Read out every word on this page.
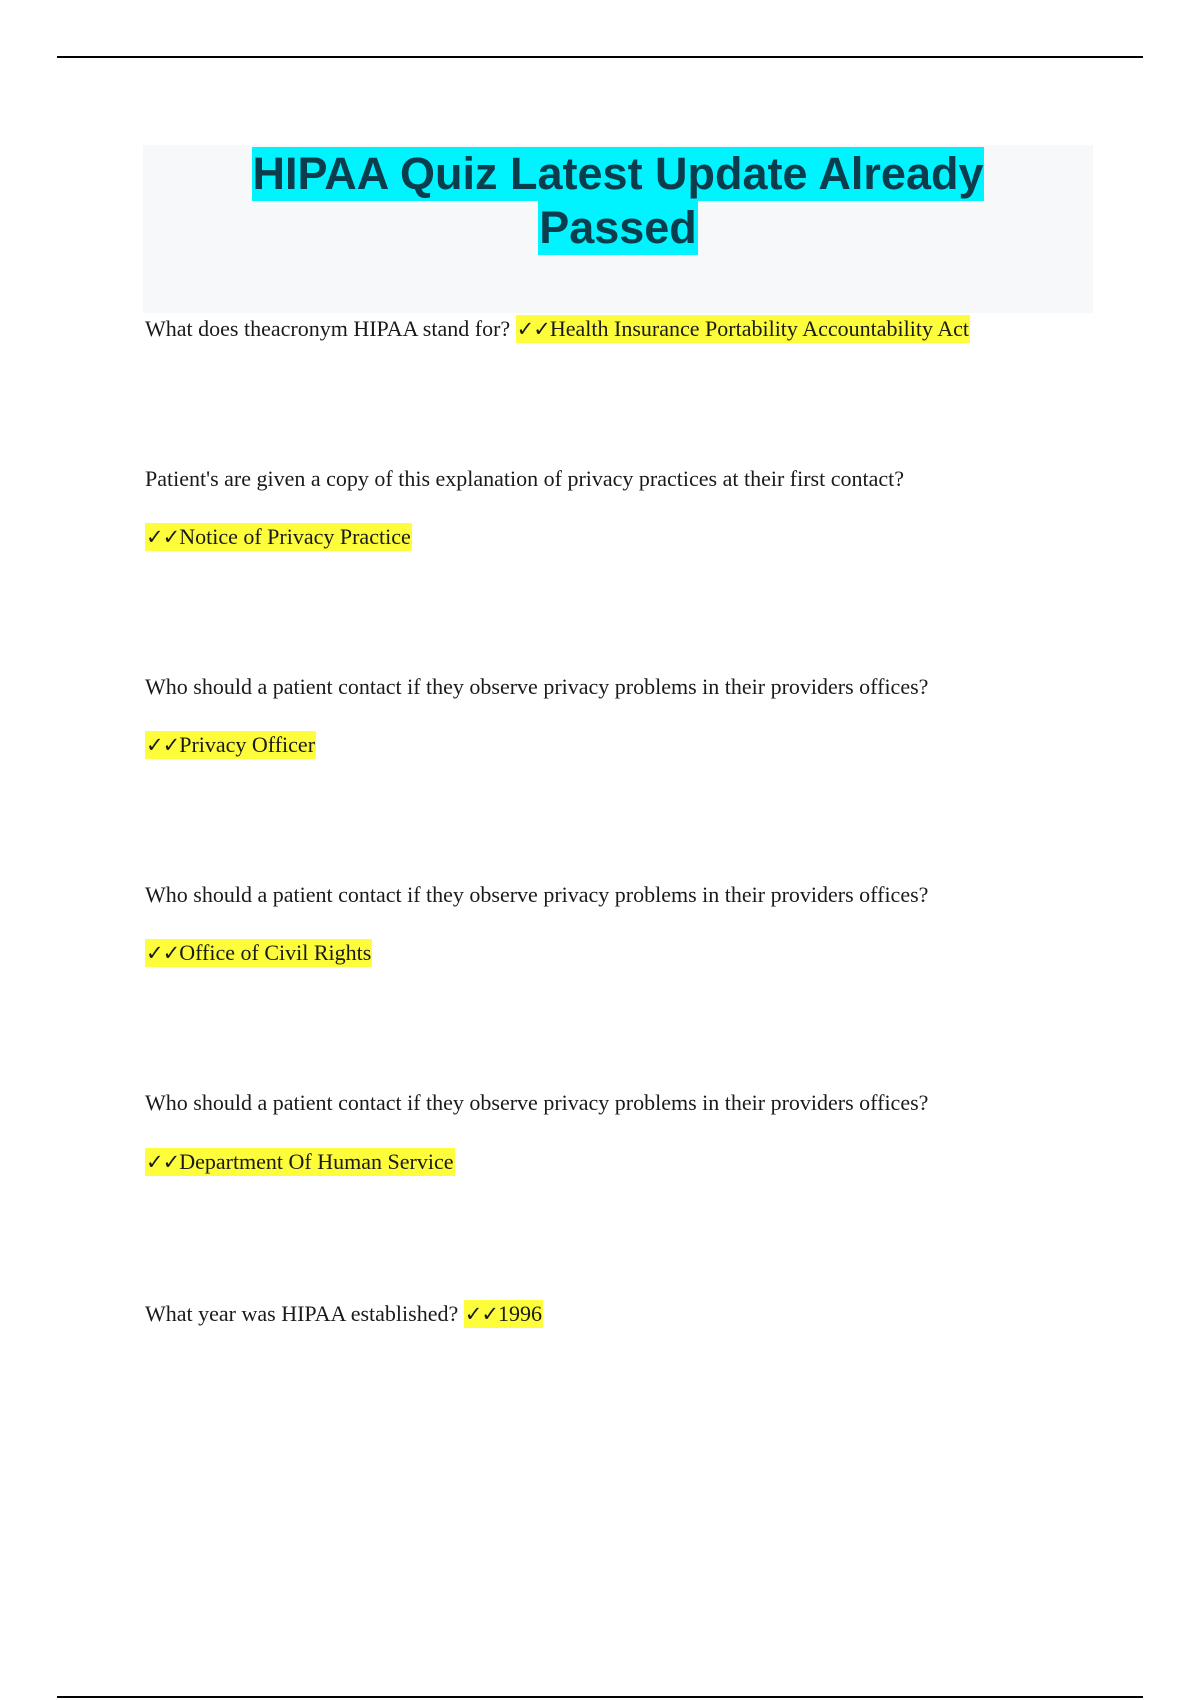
HIPAA Quiz Latest Update Already
Passed
What does theacronym HIPAA stand for? ✓✓Health Insurance Portability Accountability Act
Patient's are given a copy of this explanation of privacy practices at their first contact?
✓✓Notice of Privacy Practice
Who should a patient contact if they observe privacy problems in their providers offices?
✓✓Privacy Officer
Who should a patient contact if they observe privacy problems in their providers offices?
✓✓Office of Civil Rights
Who should a patient contact if they observe privacy problems in their providers offices?
✓✓Department Of Human Service
What year was HIPAA established? ✓✓1996
